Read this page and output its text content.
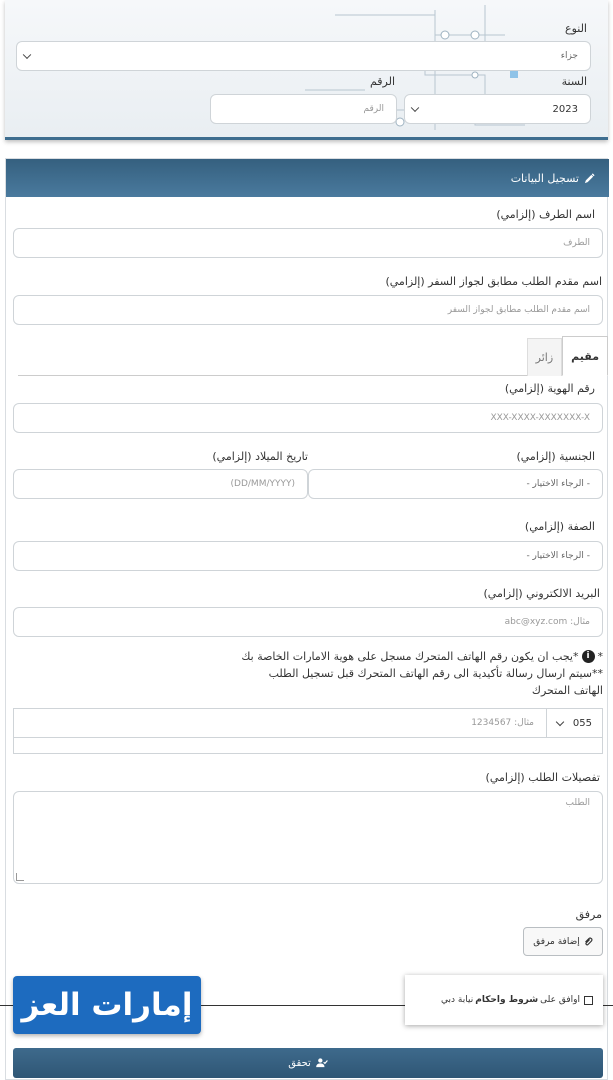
النوع
جزاء
السنة
الرقم
2023
الرقم
تسجيل البيانات
اسم الطرف (إلزامي)
الطرف
اسم مقدم الطلب مطابق لجواز السفر (إلزامي)
اسم مقدم الطلب مطابق لجواز السفر
مقيم
زائر
رقم الهوية (إلزامي)
XXX-XXXX-XXXXXXX-X
الجنسية (إلزامي)
تاريخ الميلاد (إلزامي)
- الرجاء الاختيار -
(DD/MM/YYYY)
الصفة (إلزامي)
- الرجاء الاختيار -
البريد الالكتروني (إلزامي)
مثال: abc@xyz.com
*
i
*يجب ان يكون رقم الهاتف المتحرك مسجل على هوية الامارات الخاصة بك
**سيتم ارسال رسالة تأكيدية الى رقم الهاتف المتحرك قبل تسجيل الطلب
الهاتف المتحرك
055
مثال: 1234567
تفصيلات الطلب (إلزامي)
الطلب
مرفق
إضافة مرفق
اوافق على
شروط واحكام
نيابة دبي
إمارات العز
تحقق
